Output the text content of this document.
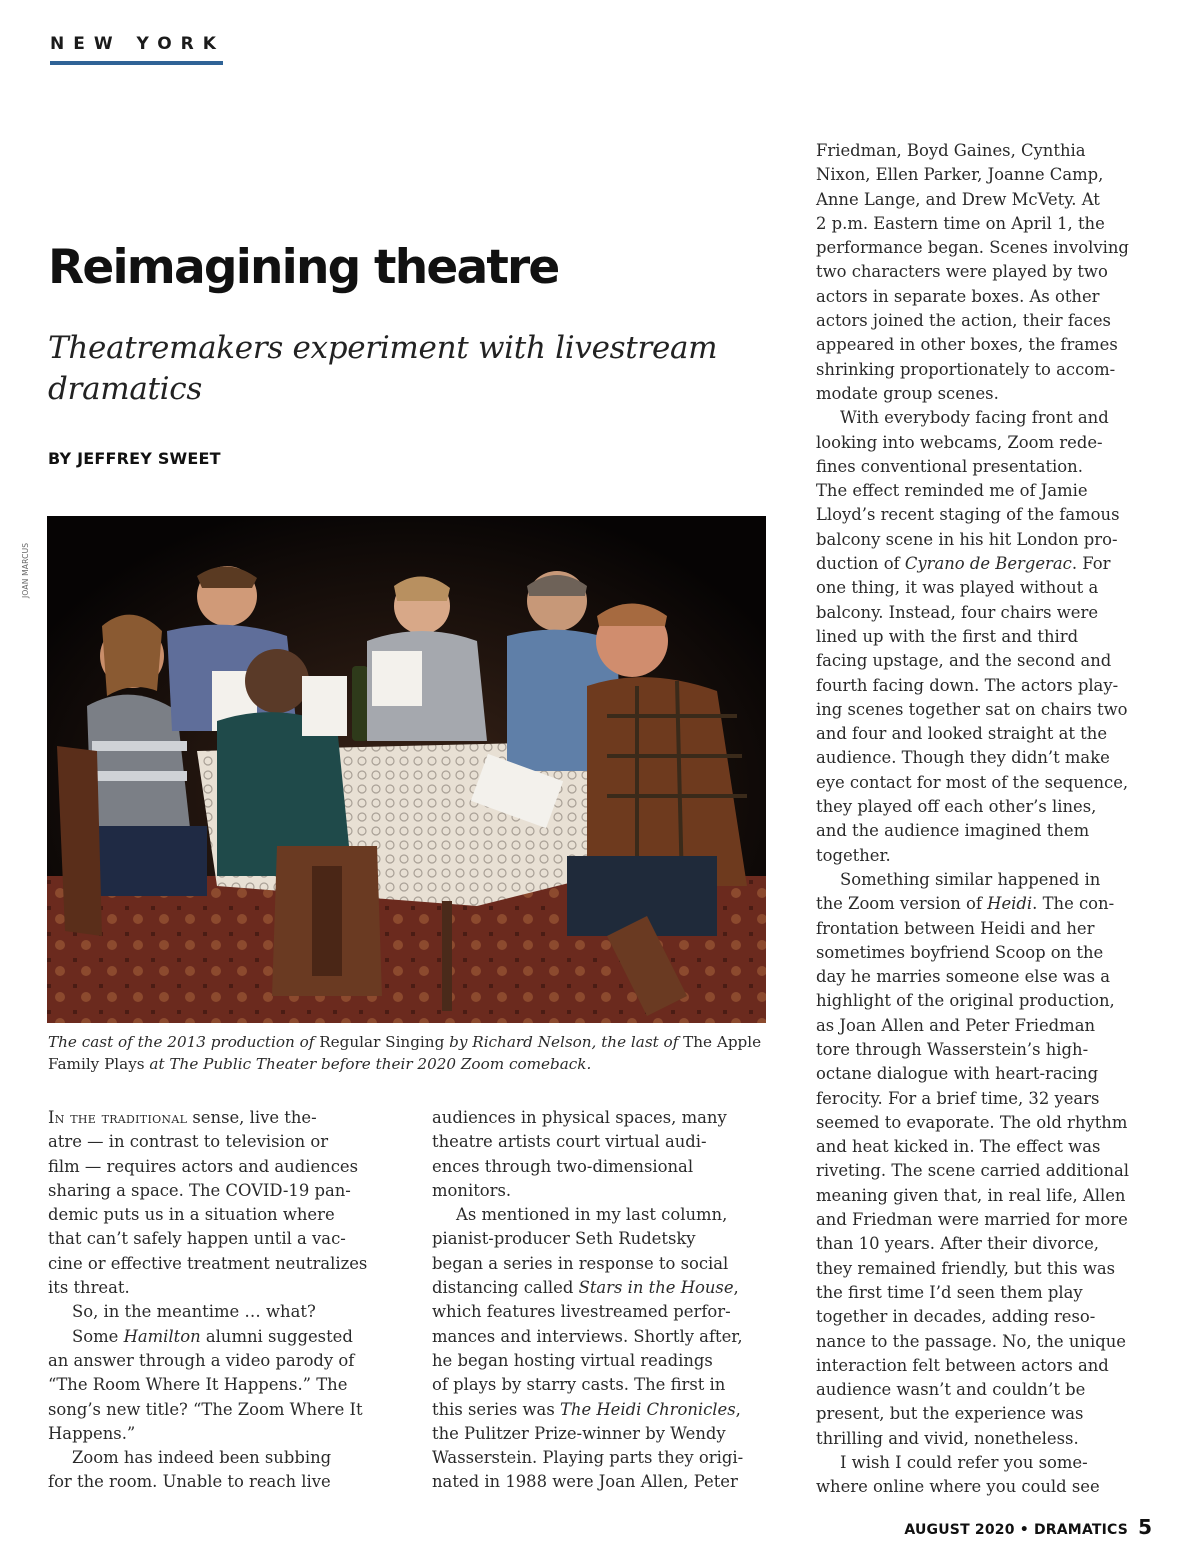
NEW YORK
Reimagining theatre

Theatremakers experiment with livestream dramatics

BY JEFFREY SWEET
JOAN MARCUS

The cast of the 2013 production of Regular Singing by Richard Nelson, the last of The Apple Family Plays at The Public Theater before their 2020 Zoom comeback.

In the traditional sense, live the-
atre — in contrast to television or
film — requires actors and audiences
sharing a space. The COVID-19 pan-
demic puts us in a situation where
that can’t safely happen until a vac-
cine or effective treatment neutralizes
its threat.

So, in the meantime … what?

Some Hamilton alumni suggested

an answer through a video parody of
“The Room Where It Happens.” The
song’s new title? “The Zoom Where It
Happens.”

Zoom has indeed been subbing

for the room. Unable to reach live

audiences in physical spaces, many
theatre artists court virtual audi-
ences through two-dimensional
monitors.

As mentioned in my last column,

pianist-producer Seth Rudetsky
began a series in response to social
distancing called Stars in the House,
which features livestreamed perfor-
mances and interviews. Shortly after,
he began hosting virtual readings
of plays by starry casts. The first in
this series was The Heidi Chronicles,
the Pulitzer Prize-winner by Wendy
Wasserstein. Playing parts they origi-
nated in 1988 were Joan Allen, Peter

Friedman, Boyd Gaines, Cynthia
Nixon, Ellen Parker, Joanne Camp,
Anne Lange, and Drew McVety. At
2 p.m. Eastern time on April 1, the
performance began. Scenes involving
two characters were played by two
actors in separate boxes. As other
actors joined the action, their faces
appeared in other boxes, the frames
shrinking proportionately to accom-
modate group scenes.

With everybody facing front and

looking into webcams, Zoom rede-
fines conventional presentation.
The effect reminded me of Jamie
Lloyd’s recent staging of the famous
balcony scene in his hit London pro-
duction of Cyrano de Bergerac. For
one thing, it was played without a
balcony. Instead, four chairs were
lined up with the first and third
facing upstage, and the second and
fourth facing down. The actors play-
ing scenes together sat on chairs two
and four and looked straight at the
audience. Though they didn’t make
eye contact for most of the sequence,
they played off each other’s lines,
and the audience imagined them
together.

Something similar happened in

the Zoom version of Heidi. The con-
frontation between Heidi and her
sometimes boyfriend Scoop on the
day he marries someone else was a
highlight of the original production,
as Joan Allen and Peter Friedman
tore through Wasserstein’s high-
octane dialogue with heart-racing
ferocity. For a brief time, 32 years
seemed to evaporate. The old rhythm
and heat kicked in. The effect was
riveting. The scene carried additional
meaning given that, in real life, Allen
and Friedman were married for more
than 10 years. After their divorce,
they remained friendly, but this was
the first time I’d seen them play
together in decades, adding reso-
nance to the passage. No, the unique
interaction felt between actors and
audience wasn’t and couldn’t be
present, but the experience was
thrilling and vivid, nonetheless.

I wish I could refer you some-

where online where you could see

AUGUST 2020 • DRAMATICS 5
